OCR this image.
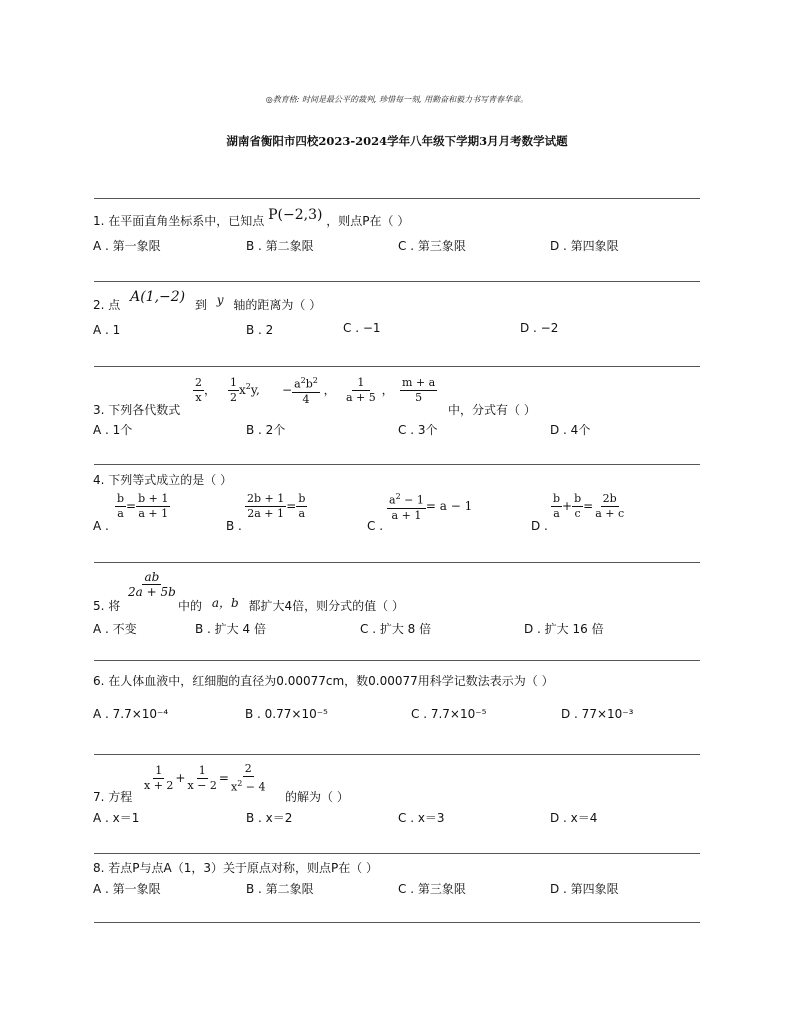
◎教育格: 时间是最公平的裁判, 珍惜每一刻, 用勤奋和毅力书写青春华章。
湖南省衡阳市四校2023-2024学年八年级下学期3月月考数学试题
1. 在平面直角坐标系中，已知点 P(−2,3) ，则点P在（ ）
A . 第一象限	B . 第二象限	C . 第三象限	D . 第四象限
2. 点 A(1,−2) 到 y 轴的距离为（ ）
A . 1	B . 2	C . −1	D . −2
3. 下列各代数式
$\frac{2}{x}$ ， $\frac{1}{2} x^2y$, − $\frac{a^2b^2}{4}$ ， $\frac{1}{a + 5}$ ， $\frac{m + a}{5}$
中，分式有（ ）
A . 1个	B . 2个	C . 3个	D . 4个
4. 下列等式成立的是（ ）
A .
$\frac{b}{a} = \frac{b + 1}{a + 1}$
B .
$\frac{2b + 1}{2a + 1} = \frac{b}{a}$
C .
$\frac{a^2 - 1}{a + 1} = a - 1$
D .
$\frac{b}{a} + \frac{b}{c} = \frac{2b}{a + c}$
5. 将
$\frac{ab}{2a + 5b}$
中的 a，b 都扩大4倍，则分式的值（ ）
A . 不变	B . 扩大 4 倍	C . 扩大 8 倍	D . 扩大 16 倍
6. 在人体血液中，红细胞的直径为0.00077cm，数0.00077用科学记数法表示为（ ）
A . 7.7×10⁻⁴	B . 0.77×10⁻⁵	C . 7.7×10⁻⁵	D . 77×10⁻³
7. 方程
$\frac{1}{x + 2} + \frac{1}{x - 2} = \frac{2}{x^2 - 4}$
的解为（ ）
A . x＝1	B . x＝2	C . x＝3	D . x＝4
8. 若点P与点A（1，3）关于原点对称，则点P在（ ）
A . 第一象限	B . 第二象限	C . 第三象限	D . 第四象限
